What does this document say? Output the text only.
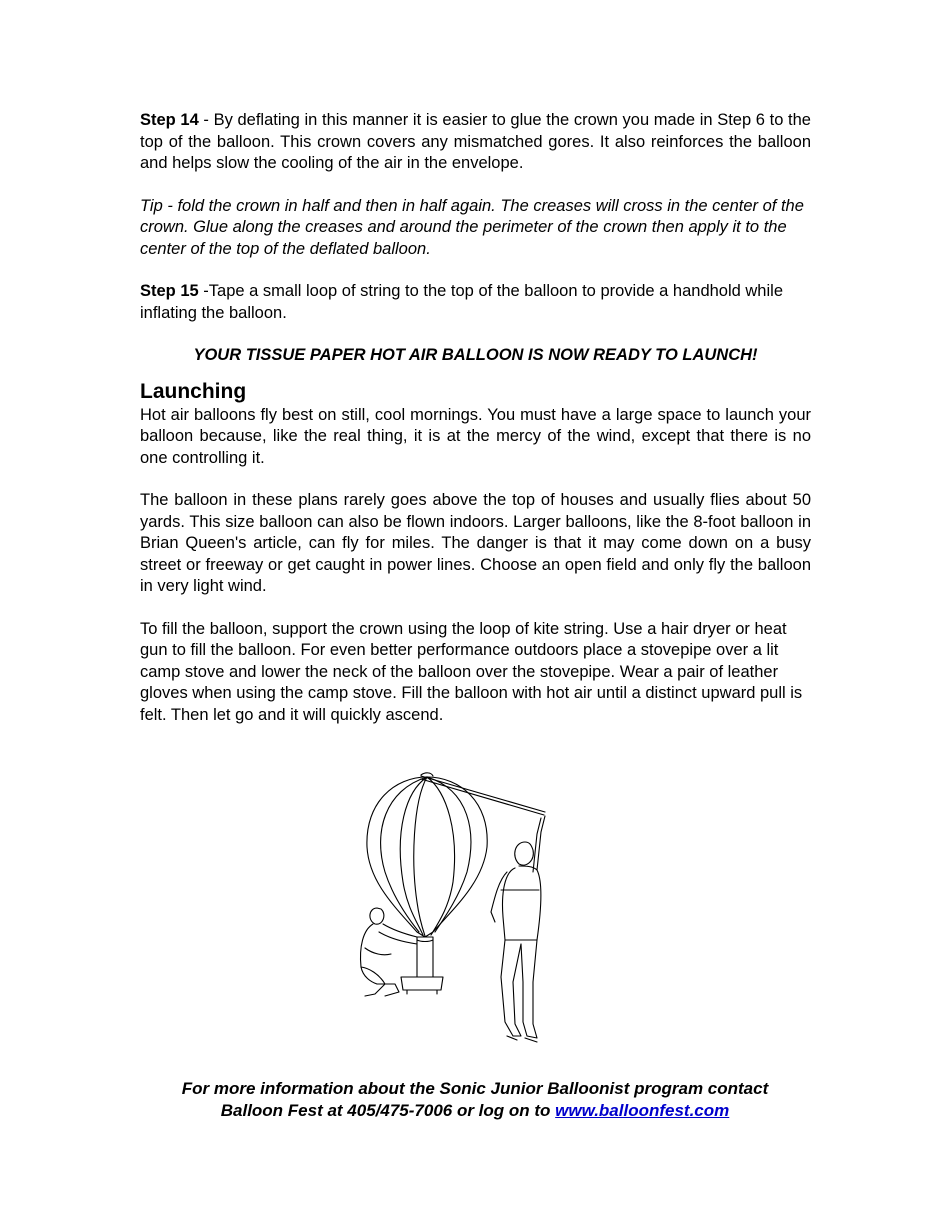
Step 14 - By deflating in this manner it is easier to glue the crown you made in Step 6 to the top of the balloon. This crown covers any mismatched gores. It also reinforces the balloon and helps slow the cooling of the air in the envelope.

Tip - fold the crown in half and then in half again. The creases will cross in the center of the crown. Glue along the creases and around the perimeter of the crown then apply it to the center of the top of the deflated balloon.

Step 15 -Tape a small loop of string to the top of the balloon to provide a handhold while inflating the balloon.

YOUR TISSUE PAPER HOT AIR BALLOON IS NOW READY TO LAUNCH!

Launching

Hot air balloons fly best on still, cool mornings. You must have a large space to launch your balloon because, like the real thing, it is at the mercy of the wind, except that there is no one controlling it.

The balloon in these plans rarely goes above the top of houses and usually flies about 50 yards. This size balloon can also be flown indoors. Larger balloons, like the 8-foot balloon in Brian Queen's article, can fly for miles. The danger is that it may come down on a busy street or freeway or get caught in power lines. Choose an open field and only fly the balloon in very light wind.

To fill the balloon, support the crown using the loop of kite string. Use a hair dryer or heat gun to fill the balloon. For even better performance outdoors place a stovepipe over a lit camp stove and lower the neck of the balloon over the stovepipe. Wear a pair of leather gloves when using the camp stove. Fill the balloon with hot air until a distinct upward pull is felt. Then let go and it will quickly ascend.

For more information about the Sonic Junior Balloonist program contact
Balloon Fest at 405/475-7006 or log on to www.balloonfest.com
